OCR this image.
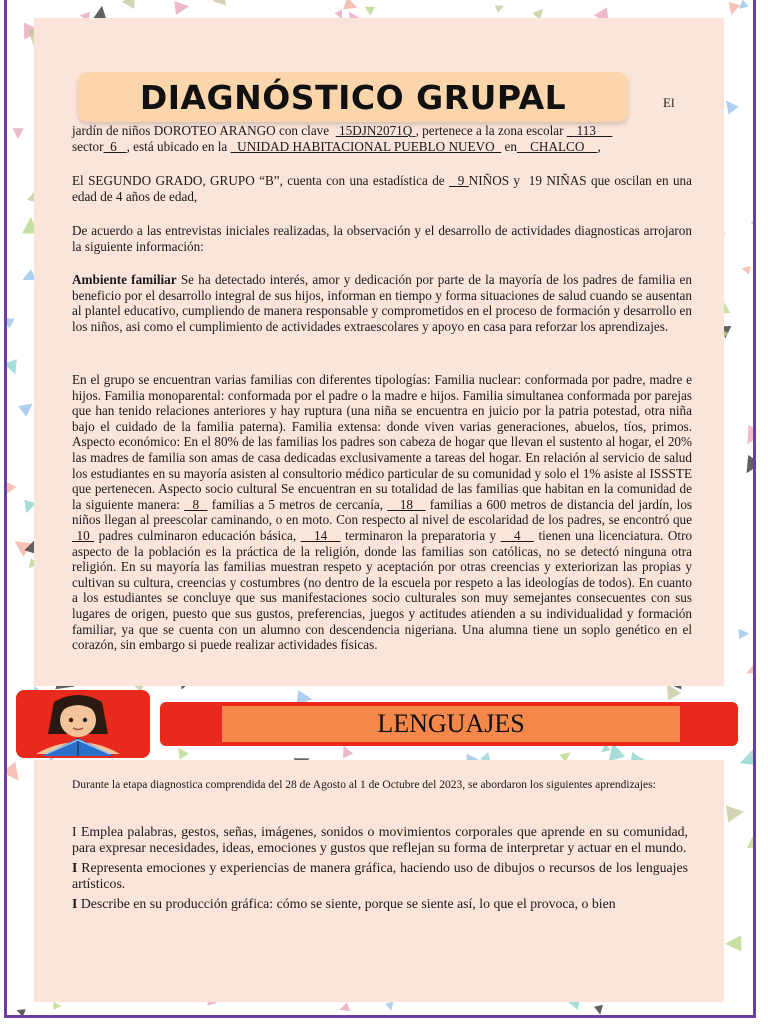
DIAGNÓSTICO GRUPAL	El

jardín de niños DOROTEO ARANGO con clave 15DJN2071Q , pertenece a la zona escolar 113

sector 6 , está ubicado en la UNIDAD HABITACIONAL PUEBLO NUEVO en CHALCO ,

El SEGUNDO GRADO, GRUPO “B”, cuenta con una estadística de 9 NIÑOS y 19 NIÑAS que oscilan en una edad de 4 años de edad,
De acuerdo a las entrevistas iniciales realizadas, la observación y el desarrollo de actividades diagnosticas arrojaron la siguiente información:
Ambiente familiar Se ha detectado interés, amor y dedicación por parte de la mayoría de los padres de familia en beneficio por el desarrollo integral de sus hijos, informan en tiempo y forma situaciones de salud cuando se ausentan al plantel educativo, cumpliendo de manera responsable y comprometidos en el proceso de formación y desarrollo en los niños, asi como el cumplimiento de actividades extraescolares y apoyo en casa para reforzar los aprendizajes.
En el grupo se encuentran varias familias con diferentes tipologías: Familia nuclear: conformada por padre, madre e hijos. Familia monoparental: conformada por el padre o la madre e hijos. Familia simultanea conformada por parejas que han tenido relaciones anteriores y hay ruptura (una niña se encuentra en juicio por la patria potestad, otra niña bajo el cuidado de la familia paterna). Familia extensa: donde viven varias generaciones, abuelos, tíos, primos. Aspecto económico: En el 80% de las familias los padres son cabeza de hogar que llevan el sustento al hogar, el 20% las madres de familia son amas de casa dedicadas exclusivamente a tareas del hogar. En relación al servicio de salud los estudiantes en su mayoría asisten al consultorio médico particular de su comunidad y solo el 1% asiste al ISSSTE que pertenecen. Aspecto socio cultural Se encuentran en su totalidad de las familias que habitan en la comunidad de la siguiente manera: 8 familias a 5 metros de cercanía, 18 familias a 600 metros de distancia del jardín, los niños llegan al preescolar caminando, o en moto. Con respecto al nivel de escolaridad de los padres, se encontró que  10 padres culminaron educación básica, 14 terminaron la preparatoria y 4 tienen una licenciatura. Otro aspecto de la población es la práctica de la religión, donde las familias son católicas, no se detectó ninguna otra religión. En su mayoría las familias muestran respeto y aceptación por otras creencias y exteriorizan las propias y cultivan su cultura, creencias y costumbres (no dentro de la escuela por respeto a las ideologías de todos). En cuanto a los estudiantes se concluye que sus manifestaciones socio culturales son muy semejantes consecuentes con sus lugares de origen, puesto que sus gustos, preferencias, juegos y actitudes atienden a su individualidad y formación familiar, ya que se cuenta con un alumno con descendencia nigeriana. Una alumna tiene un soplo genético en el corazón, sin embargo si puede realizar actividades físicas.
LENGUAJES
Durante la etapa diagnostica comprendida del 28 de Agosto al 1 de Octubre del 2023, se abordaron los siguientes aprendizajes:

I Emplea palabras, gestos, señas, imágenes, sonidos o movimientos corporales que aprende en su comunidad, para expresar necesidades, ideas, emociones y gustos que reflejan su forma de interpretar y actuar en el mundo.

I Representa emociones y experiencias de manera gráfica, haciendo uso de dibujos o recursos de los lenguajes artísticos.

I Describe en su producción gráfica: cómo se siente, porque se siente así, lo que el provoca, o bien
